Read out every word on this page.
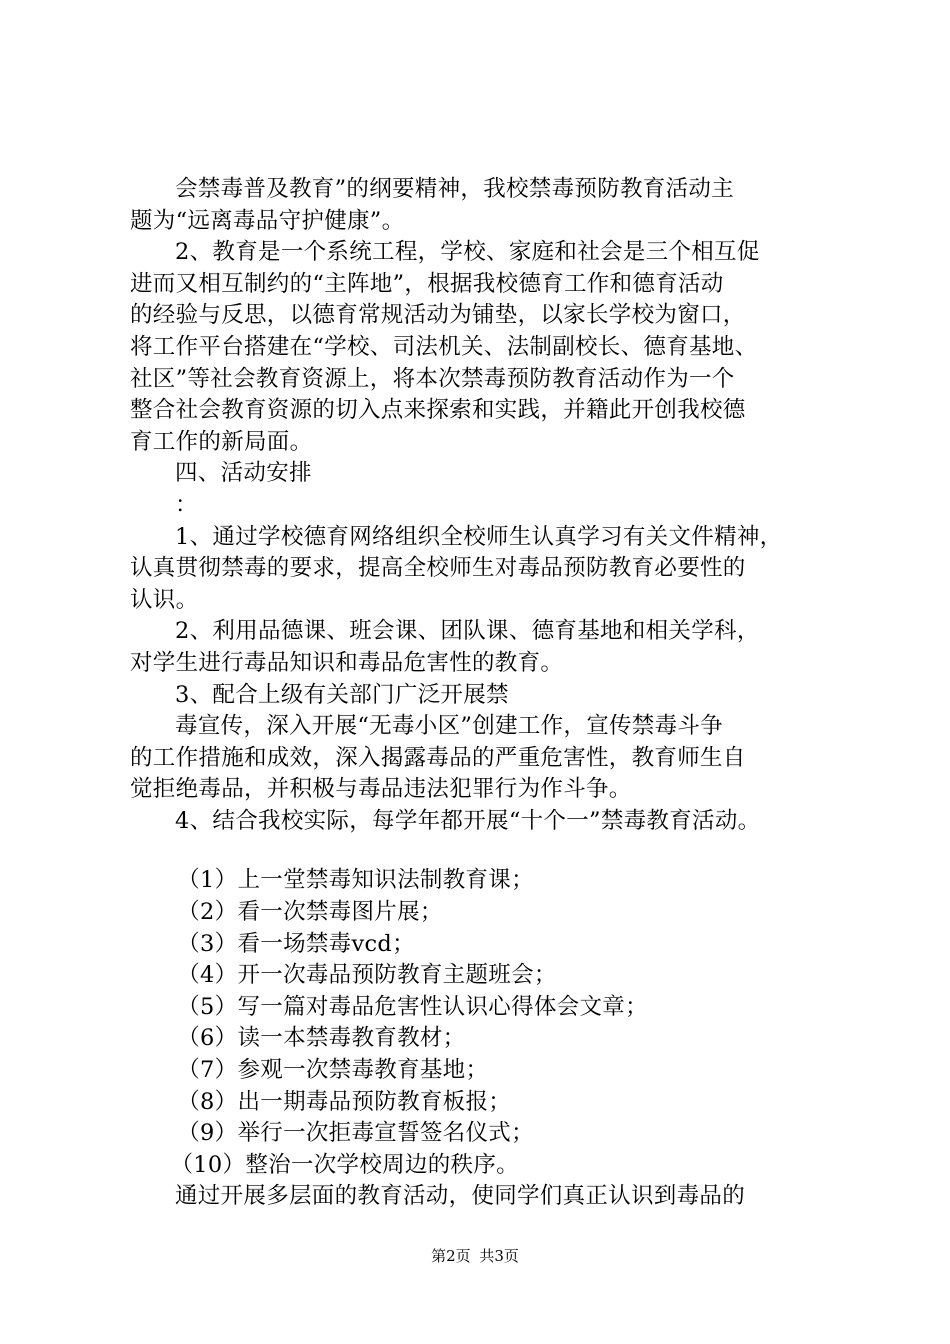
会禁毒普及教育”的纲要精神，我校禁毒预防教育活动主

题为“远离毒品守护健康”。

2、教育是一个系统工程，学校、家庭和社会是三个相互促

进而又相互制约的“主阵地”，根据我校德育工作和德育活动

的经验与反思，以德育常规活动为铺垫，以家长学校为窗口，

将工作平台搭建在“学校、司法机关、法制副校长、德育基地、

社区”等社会教育资源上，将本次禁毒预防教育活动作为一个

整合社会教育资源的切入点来探索和实践，并籍此开创我校德

育工作的新局面。

四、活动安排

：

1、通过学校德育网络组织全校师生认真学习有关文件精神，

认真贯彻禁毒的要求，提高全校师生对毒品预防教育必要性的

认识。

2、利用品德课、班会课、团队课、德育基地和相关学科，

对学生进行毒品知识和毒品危害性的教育。

3、配合上级有关部门广泛开展禁

毒宣传，深入开展“无毒小区”创建工作，宣传禁毒斗争

的工作措施和成效，深入揭露毒品的严重危害性，教育师生自

觉拒绝毒品，并积极与毒品违法犯罪行为作斗争。

4、结合我校实际，每学年都开展“十个一”禁毒教育活动。

（1）上一堂禁毒知识法制教育课；

（2）看一次禁毒图片展；

（3）看一场禁毒vcd；

（4）开一次毒品预防教育主题班会；

（5）写一篇对毒品危害性认识心得体会文章；

（6）读一本禁毒教育教材；

（7）参观一次禁毒教育基地；

（8）出一期毒品预防教育板报；

（9）举行一次拒毒宣誓签名仪式；

（10）整治一次学校周边的秩序。

通过开展多层面的教育活动，使同学们真正认识到毒品的

第2页 共3页
